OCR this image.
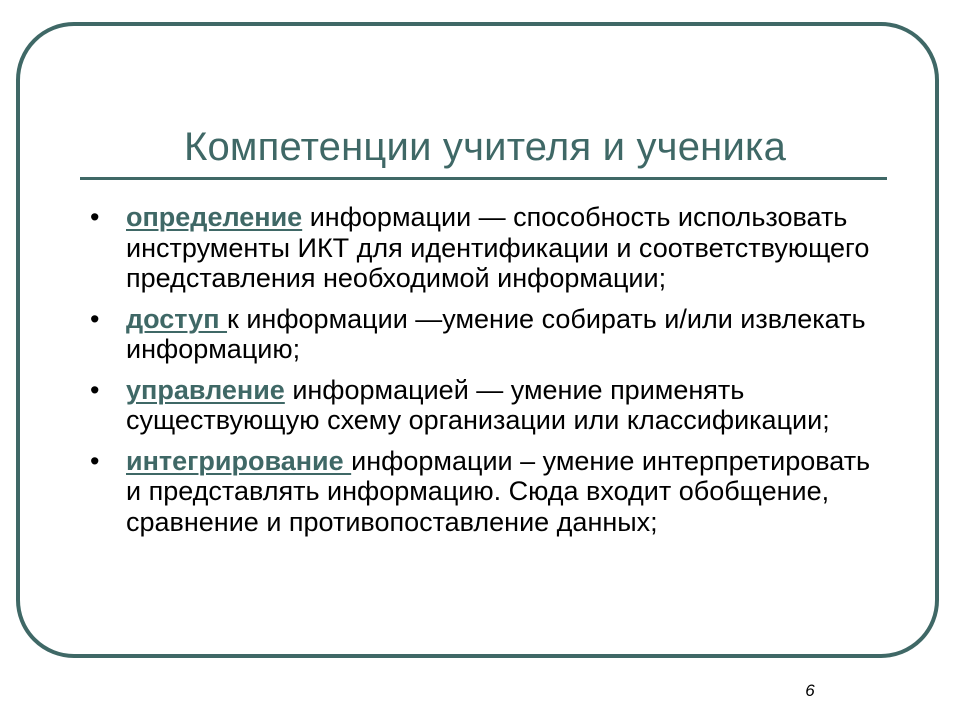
Компетенции учителя и ученика
• определение информации — способность использовать инструменты ИКТ для идентификации и соответствующего представления необходимой информации;
• доступ к информации —умение собирать и/или извлекать информацию;
• управление информацией — умение применять существующую схему организации или классификации;
• интегрирование информации – умение интерпретировать и представлять информацию. Сюда входит обобщение, сравнение и противопоставление данных;
6
